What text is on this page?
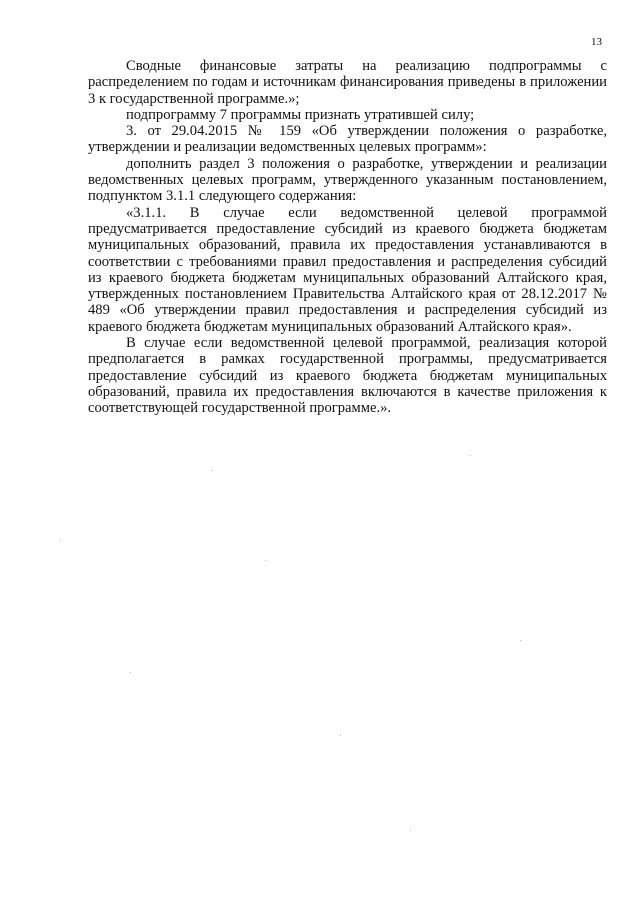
13

Сводные финансовые затраты на реализацию подпрограммы с распределением по годам и источникам финансирования приведены в приложении 3 к государственной программе.»;

подпрограмму 7 программы признать утратившей силу;

3. от 29.04.2015 № 159 «Об утверждении положения о разработке, утверждении и реализации ведомственных целевых программ»:

дополнить раздел 3 положения о разработке, утверждении и реализации ведомственных целевых программ, утвержденного указанным постановлением, подпунктом 3.1.1 следующего содержания:

«3.1.1. В случае если ведомственной целевой программой предусматривается предоставление субсидий из краевого бюджета бюджетам муниципальных образований, правила их предоставления устанавливаются в соответствии с требованиями правил предоставления и распределения субсидий из краевого бюджета бюджетам муниципальных образований Алтайского края, утвержденных постановлением Правительства Алтайского края от 28.12.2017 № 489 «Об утверждении правил предоставления и распределения субсидий из краевого бюджета бюджетам муниципальных образований Алтайского края».

В случае если ведомственной целевой программой, реализация которой предполагается в рамках государственной программы, предусматривается предоставление субсидий из краевого бюджета бюджетам муниципальных образований, правила их предоставления включаются в качестве приложения к соответствующей государственной программе.».
